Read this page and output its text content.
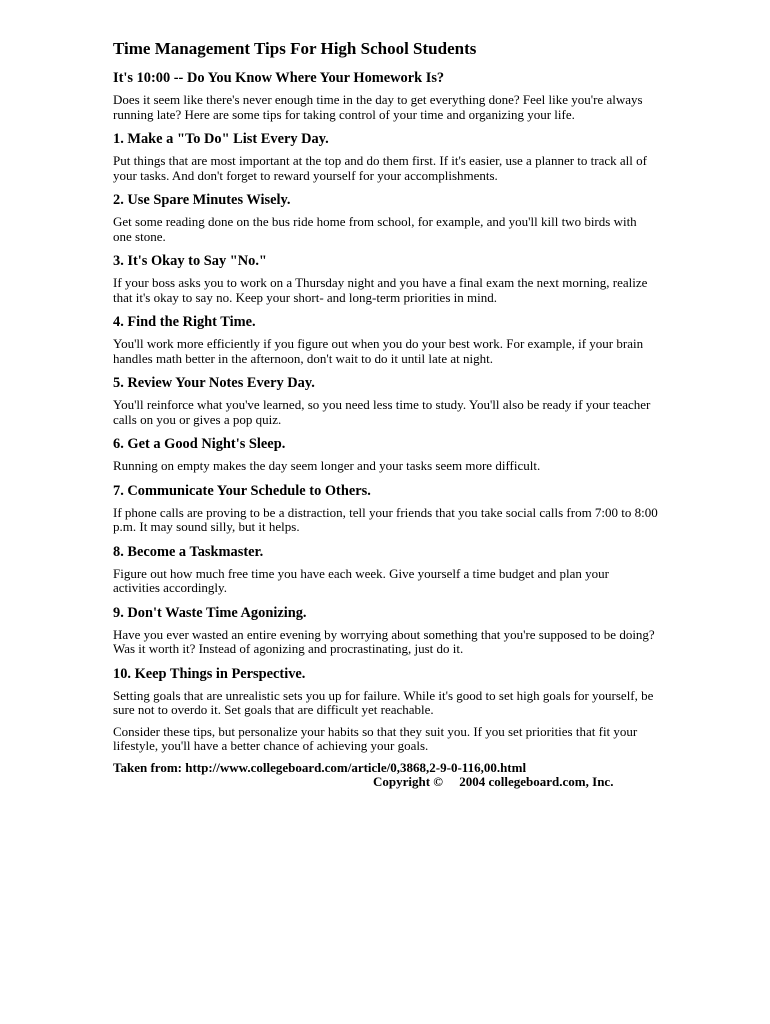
Time Management Tips For High School Students
It's 10:00 -- Do You Know Where Your Homework Is?

Does it seem like there's never enough time in the day to get everything done? Feel like you're always running late? Here are some tips for taking control of your time and organizing your life.

1. Make a "To Do" List Every Day.

Put things that are most important at the top and do them first. If it's easier, use a planner to track all of your tasks. And don't forget to reward yourself for your accomplishments.

2. Use Spare Minutes Wisely.

Get some reading done on the bus ride home from school, for example, and you'll kill two birds with one stone.

3. It's Okay to Say "No."

If your boss asks you to work on a Thursday night and you have a final exam the next morning, realize that it's okay to say no. Keep your short- and long-term priorities in mind.

4. Find the Right Time.

You'll work more efficiently if you figure out when you do your best work. For example, if your brain handles math better in the afternoon, don't wait to do it until late at night.

5. Review Your Notes Every Day.

You'll reinforce what you've learned, so you need less time to study. You'll also be ready if your teacher calls on you or gives a pop quiz.

6. Get a Good Night's Sleep.

Running on empty makes the day seem longer and your tasks seem more difficult.

7. Communicate Your Schedule to Others.

If phone calls are proving to be a distraction, tell your friends that you take social calls from 7:00 to 8:00 p.m. It may sound silly, but it helps.

8. Become a Taskmaster.

Figure out how much free time you have each week. Give yourself a time budget and plan your activities accordingly.

9. Don't Waste Time Agonizing.

Have you ever wasted an entire evening by worrying about something that you're supposed to be doing? Was it worth it? Instead of agonizing and procrastinating, just do it.

10. Keep Things in Perspective.

Setting goals that are unrealistic sets you up for failure. While it's good to set high goals for yourself, be sure not to overdo it. Set goals that are difficult yet reachable.

Consider these tips, but personalize your habits so that they suit you. If you set priorities that fit your lifestyle, you'll have a better chance of achieving your goals.

Taken from: http://www.collegeboard.com/article/0,3868,2-9-0-116,00.html
Copyright ©     2004 collegeboard.com, Inc.
